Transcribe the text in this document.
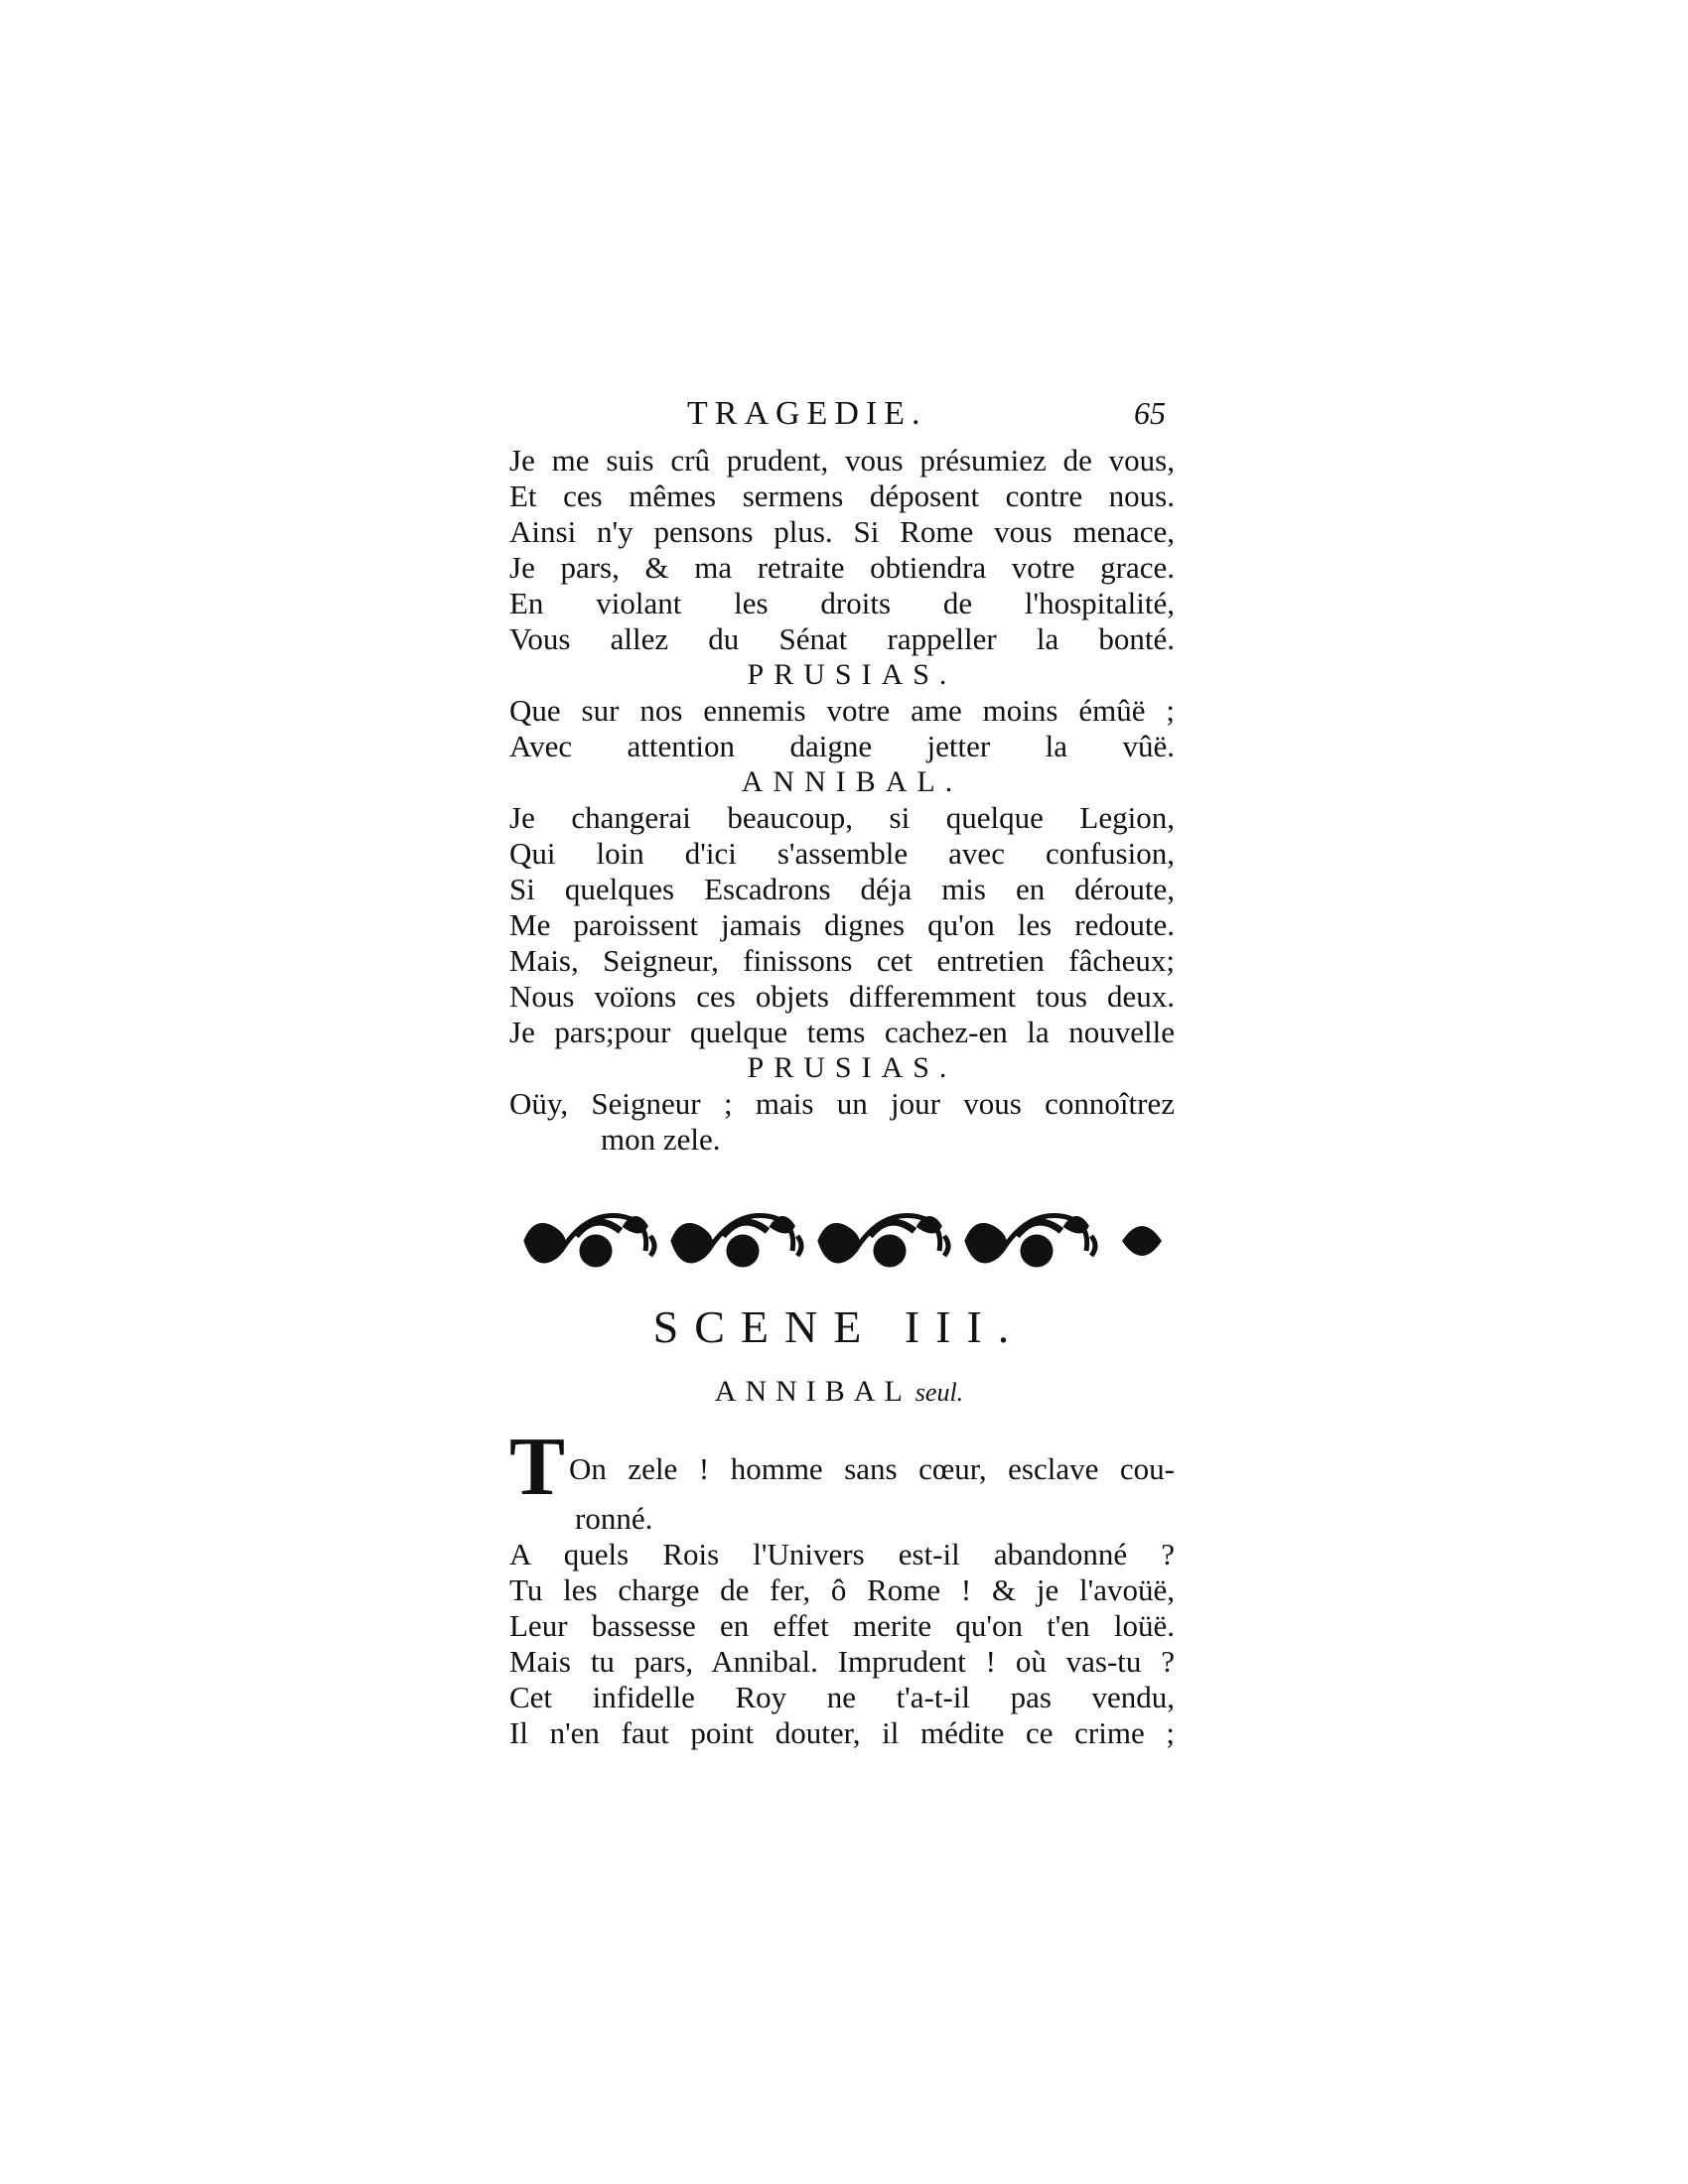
TRAGEDIE.	65
Je me suis crû prudent, vous présumiez de vous,
Et ces mêmes sermens déposent contre nous.
Ainsi n'y pensons plus. Si Rome vous menace,
Je pars, & ma retraite obtiendra votre grace.
En violant les droits de l'hospitalité,
Vous allez du Sénat rappeller la bonté.
PRUSIAS.
Que sur nos ennemis votre ame moins émûë ;
Avec attention daigne jetter la vûë.
ANNIBAL.
Je changerai beaucoup, si quelque Legion,
Qui loin d'ici s'assemble avec confusion,
Si quelques Escadrons déja mis en déroute,
Me paroissent jamais dignes qu'on les redoute.
Mais, Seigneur, finissons cet entretien fâcheux;
Nous voïons ces objets differemment tous deux.
Je pars;pour quelque tems cachez-en la nouvelle
PRUSIAS.
Oüy, Seigneur ; mais un jour vous connoîtrez
mon zele.
SCENE III.
ANNIBAL seul.
T On zele ! homme sans cœur, esclave cou-
ronné.
A quels Rois l'Univers est-il abandonné ?
Tu les charge de fer, ô Rome ! & je l'avoüë,
Leur bassesse en effet merite qu'on t'en loüë.
Mais tu pars, Annibal. Imprudent ! où vas-tu ?
Cet infidelle Roy ne t'a-t-il pas vendu,
Il n'en faut point douter, il médite ce crime ;
